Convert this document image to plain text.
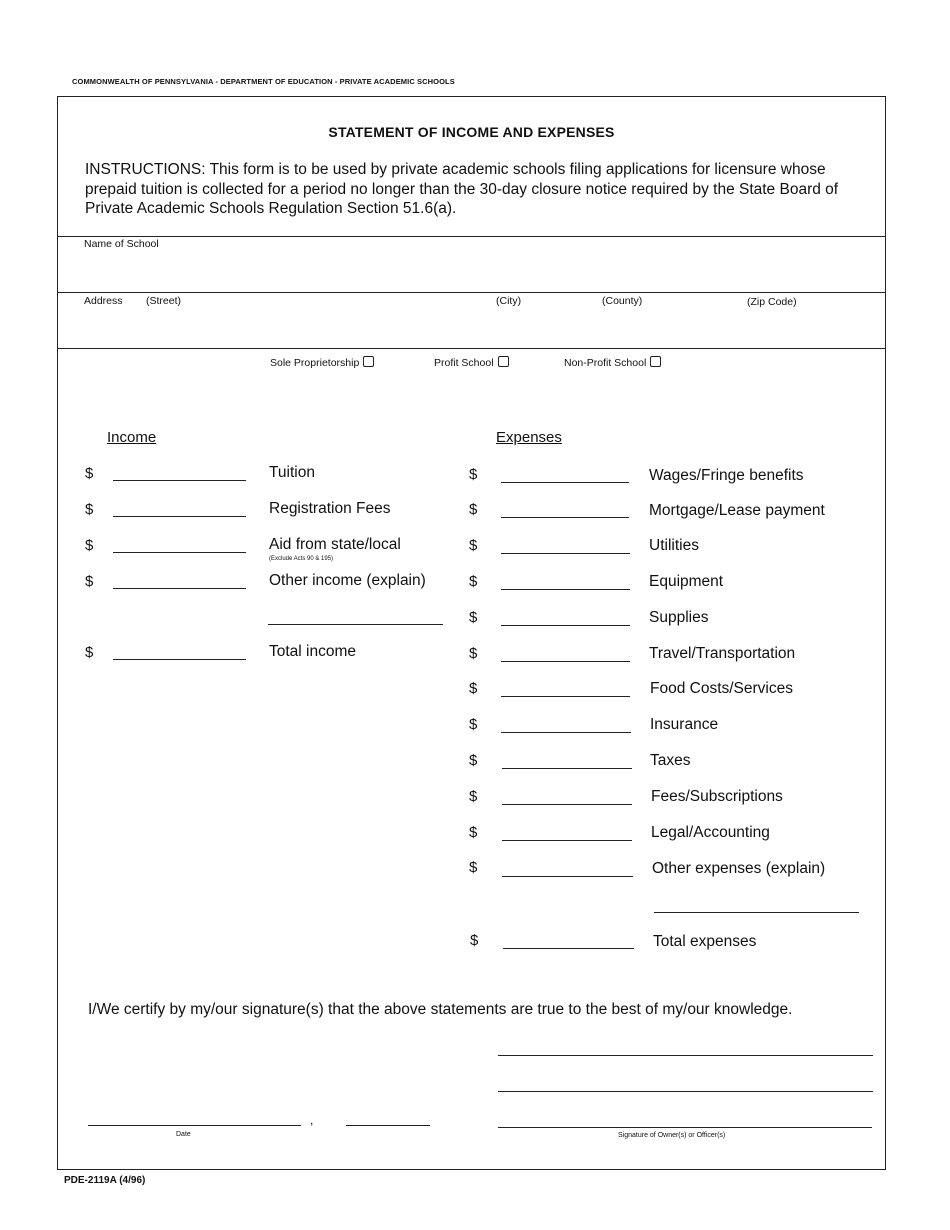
COMMONWEALTH OF PENNSYLVANIA - DEPARTMENT OF EDUCATION - PRIVATE ACADEMIC SCHOOLS
STATEMENT OF INCOME AND EXPENSES
INSTRUCTIONS: This form is to be used by private academic schools filing applications for licensure whose prepaid tuition is collected for a period no longer than the 30-day closure notice required by the State Board of Private Academic Schools Regulation Section 51.6(a).
Name of School
Address (Street)	(City)	(County)	(Zip Code)
Sole Proprietorship	Profit School	Non-Profit School
Income
$	Tuition
$	Registration Fees
$	Aid from state/local
(Exclude Acts 90 & 195)
$	Other income (explain)
$	Total income
Expenses
$	Wages/Fringe benefits
$	Mortgage/Lease payment
$	Utilities
$	Equipment
$	Supplies
$	Travel/Transportation
$	Food Costs/Services
$	Insurance
$	Taxes
$	Fees/Subscriptions
$	Legal/Accounting
$	Other expenses (explain)
$	Total expenses
I/We certify by my/our signature(s) that the above statements are true to the best of my/our knowledge.
,
Date	Signature of Owner(s) or Officer(s)
PDE-2119A (4/96)
